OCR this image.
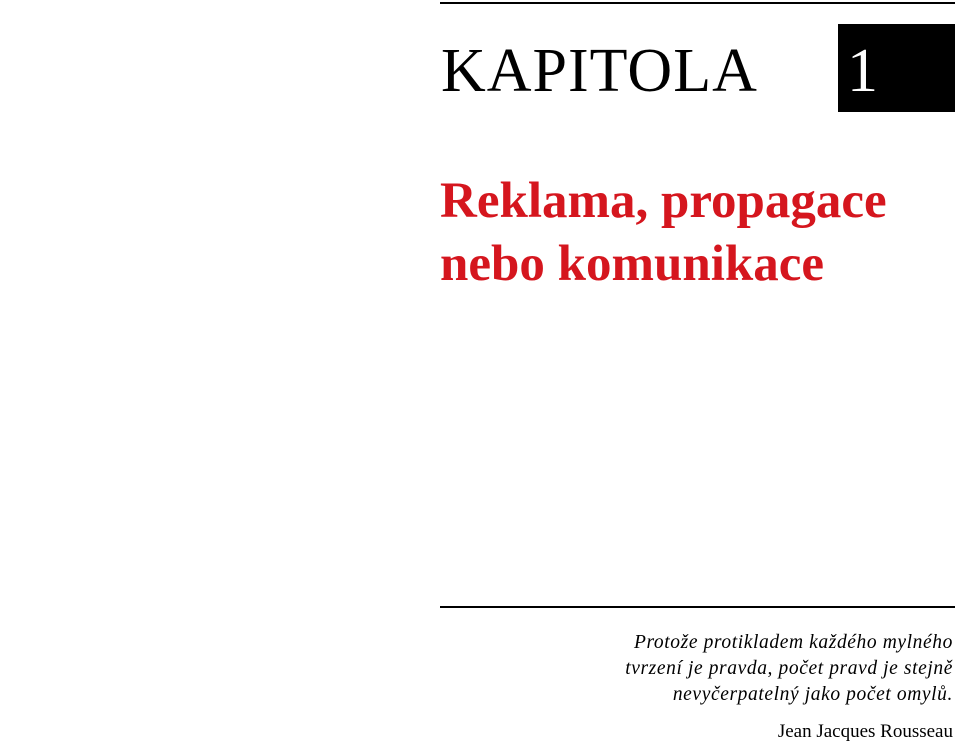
KAPITOLA 1
Reklama, propagace
nebo komunikace
Protože protikladem každého mylného
tvrzení je pravda, počet pravd je stejně
nevyčerpatelný jako počet omylů.
Jean Jacques Rousseau
